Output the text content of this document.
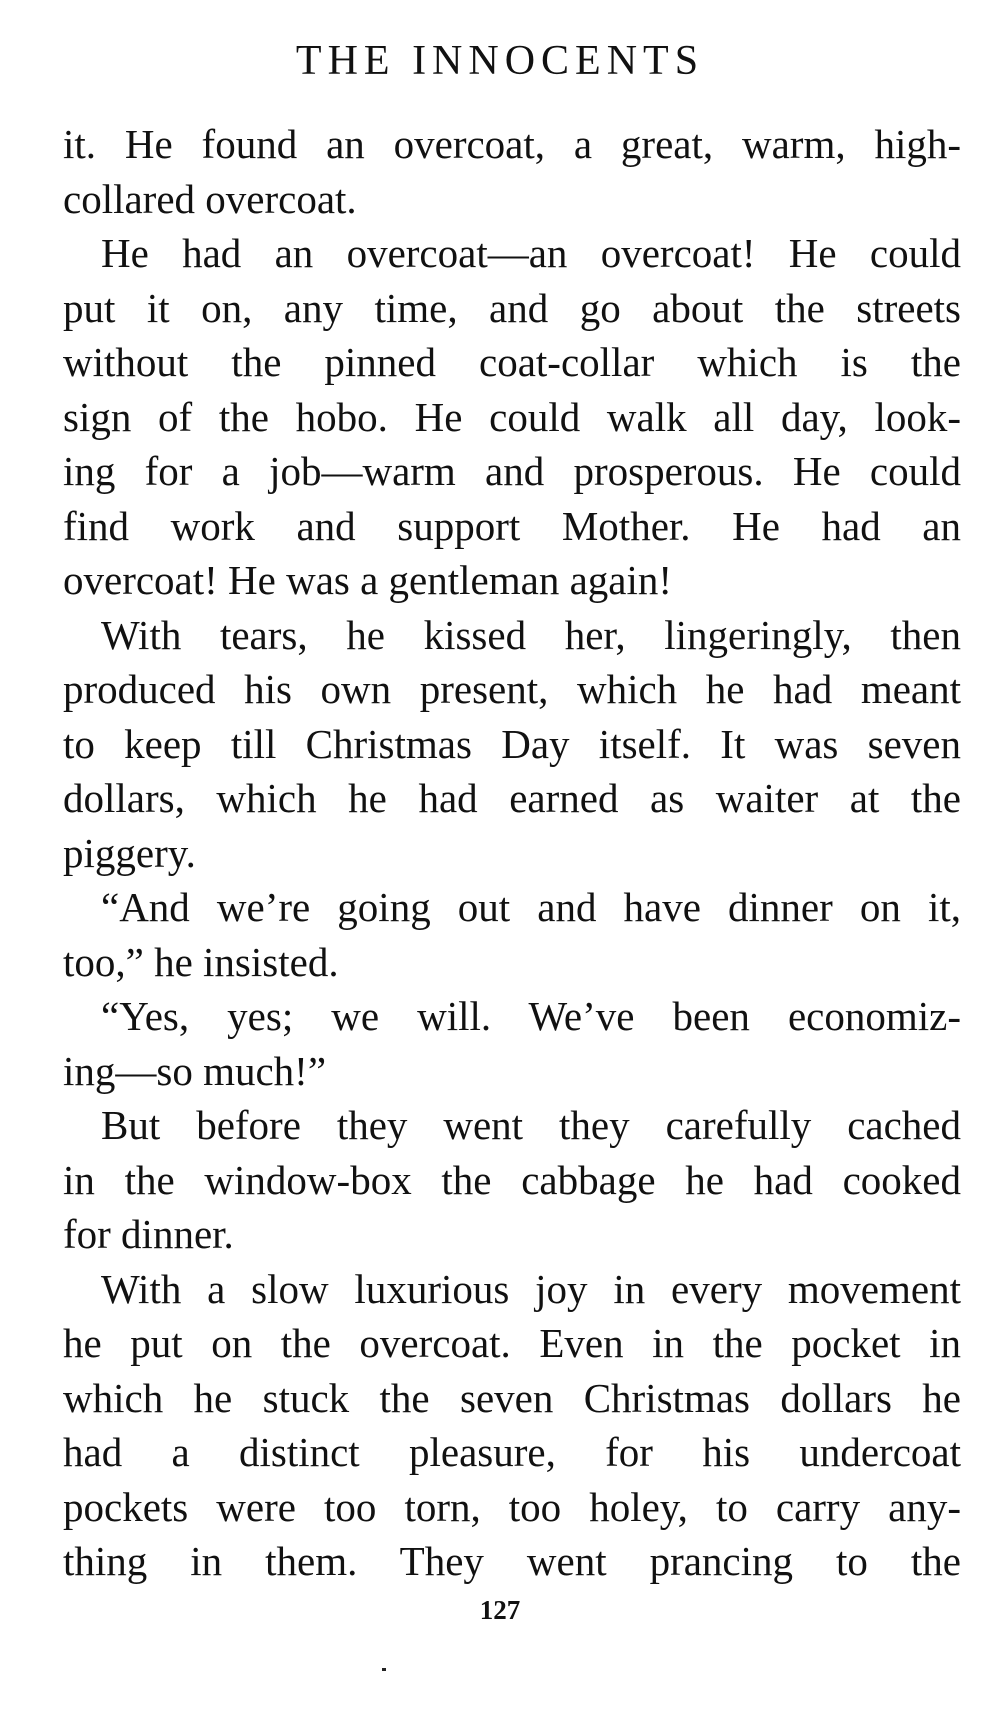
THE INNOCENTS
it. He found an overcoat, a great, warm, high-
collared overcoat.
He had an overcoat—an overcoat! He could
put it on, any time, and go about the streets
without the pinned coat-collar which is the
sign of the hobo. He could walk all day, look-
ing for a job—warm and prosperous. He could
find work and support Mother. He had an
overcoat! He was a gentleman again!
With tears, he kissed her, lingeringly, then
produced his own present, which he had meant
to keep till Christmas Day itself. It was seven
dollars, which he had earned as waiter at the
piggery.
“And we’re going out and have dinner on it,
too,” he insisted.
“Yes, yes; we will. We’ve been economiz-
ing—so much!”
But before they went they carefully cached
in the window-box the cabbage he had cooked
for dinner.
With a slow luxurious joy in every movement
he put on the overcoat. Even in the pocket in
which he stuck the seven Christmas dollars he
had a distinct pleasure, for his undercoat
pockets were too torn, too holey, to carry any-
thing in them. They went prancing to the
127
